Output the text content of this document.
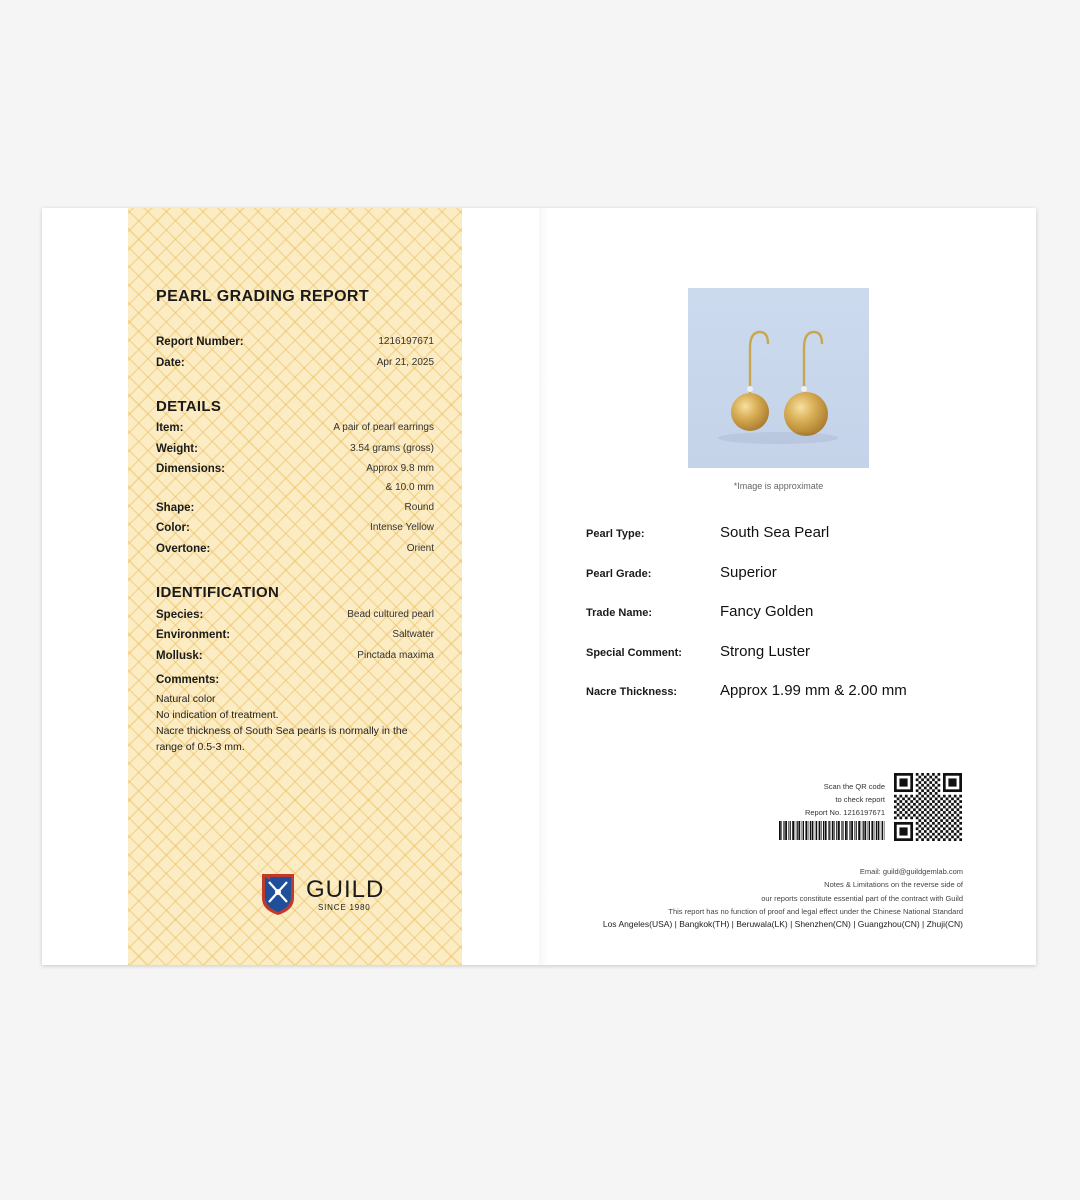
PEARL GRADING REPORT
Report Number:	1216197671
Date:	Apr 21, 2025
DETAILS
Item:	A pair of pearl earrings
Weight:	3.54 grams (gross)
Dimensions:	Approx 9.8 mm
& 10.0 mm
Shape:	Round
Color:	Intense Yellow
Overtone:	Orient
IDENTIFICATION
Species:	Bead cultured pearl
Environment:	Saltwater
Mollusk:	Pinctada maxima
Comments:
Natural color
No indication of treatment.
Nacre thickness of South Sea pearls is normally in the
range of 0.5-3 mm.
GUILD
SINCE 1980
*Image is approximate
Pearl Type:	South Sea Pearl
Pearl Grade:	Superior
Trade Name:	Fancy Golden
Special Comment:	Strong Luster
Nacre Thickness:	Approx 1.99 mm & 2.00 mm
Scan the QR code
to check report
Report No. 1216197671
Email: guild@guildgemlab.com
Notes & Limitations on the reverse side of
our reports constitute essential part of the contract with Guild
This report has no function of proof and legal effect under the Chinese National Standard
Los Angeles(USA) | Bangkok(TH) | Beruwala(LK) | Shenzhen(CN) | Guangzhou(CN) | Zhuji(CN)
